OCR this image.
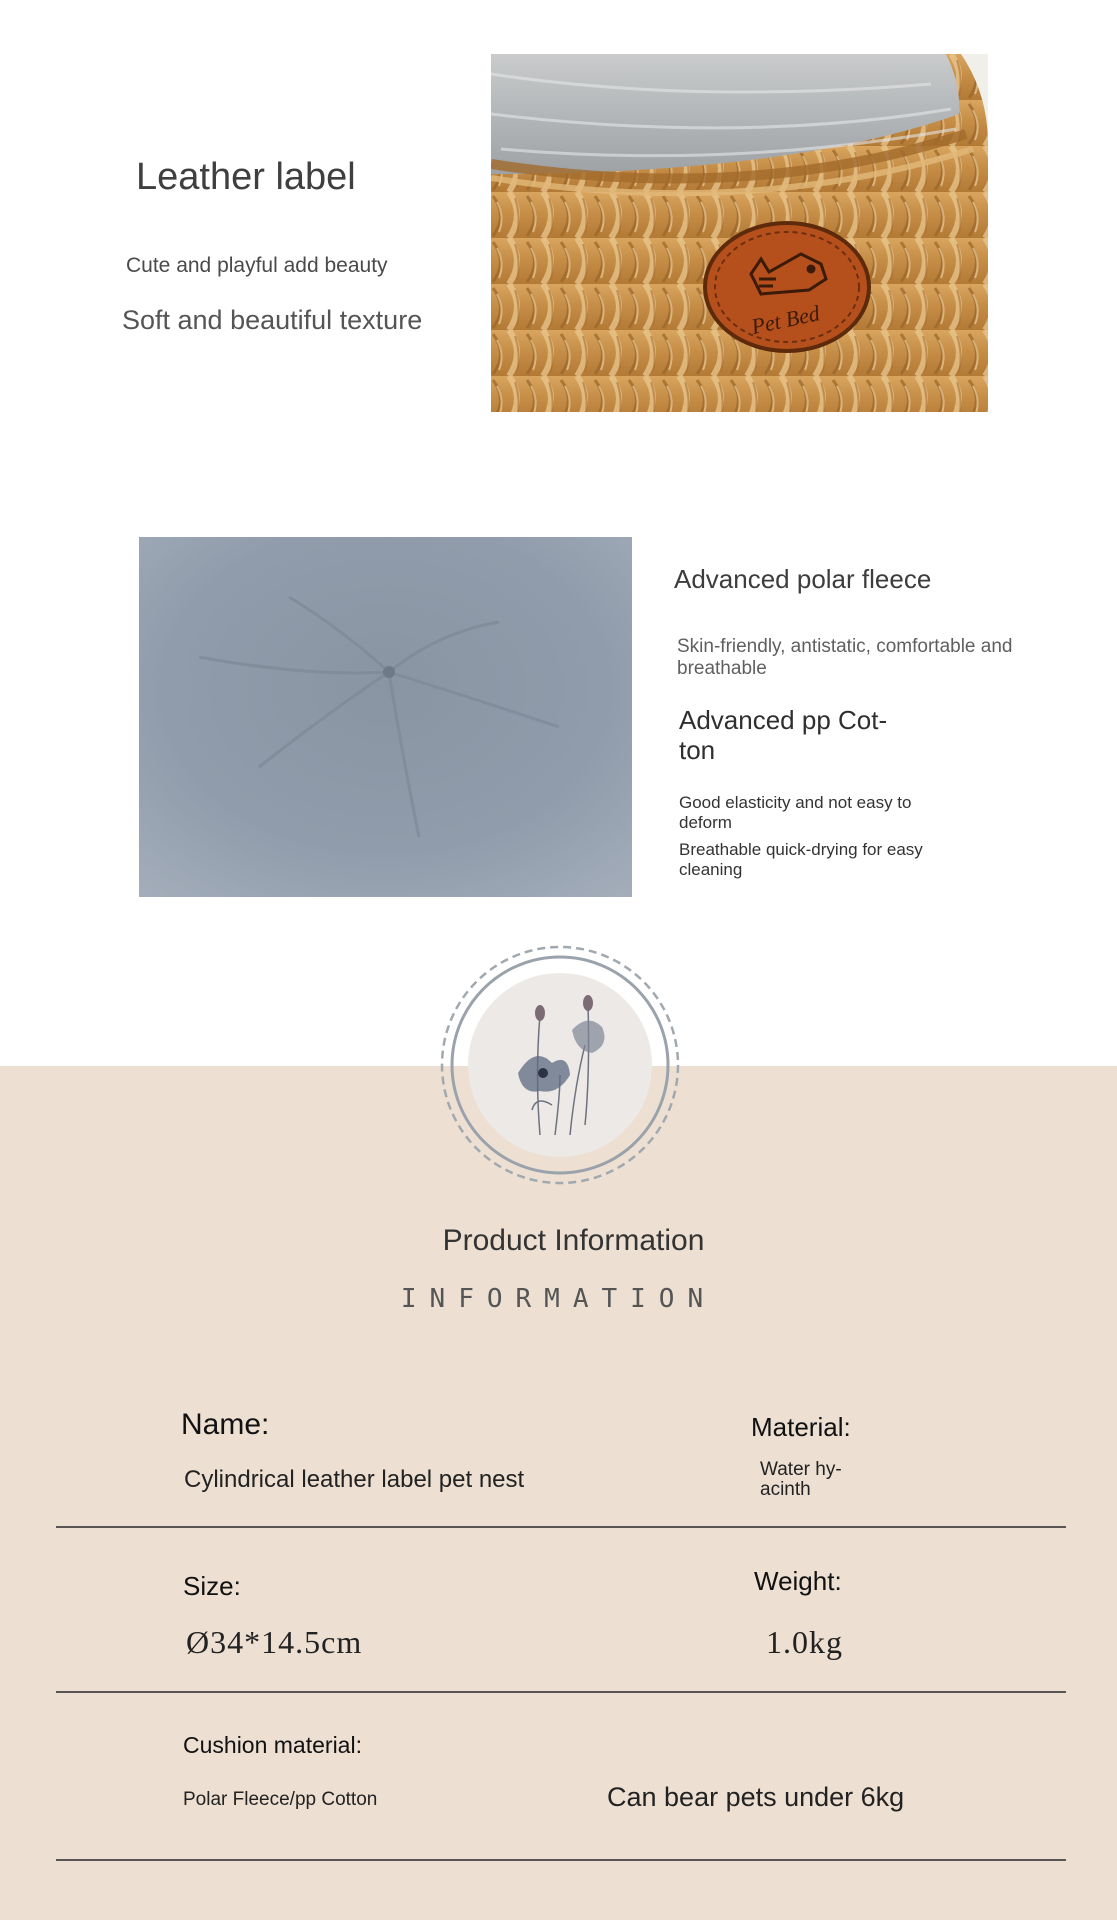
Leather label
Cute and playful add beauty
Soft and beautiful texture	Pet Bed
Advanced polar fleece
Skin-friendly, antistatic, comfortable and breathable
Advanced pp Cot-ton
Good elasticity and not easy to deform
Breathable quick-drying for easy cleaning
Product Information
INFORMATION
Name:
Cylindrical leather label pet nest
Material:
Water hy-acinth
Size:
Ø34*14.5cm
Weight:
1.0kg
Cushion material:
Polar Fleece/pp Cotton	Can bear pets under 6kg
